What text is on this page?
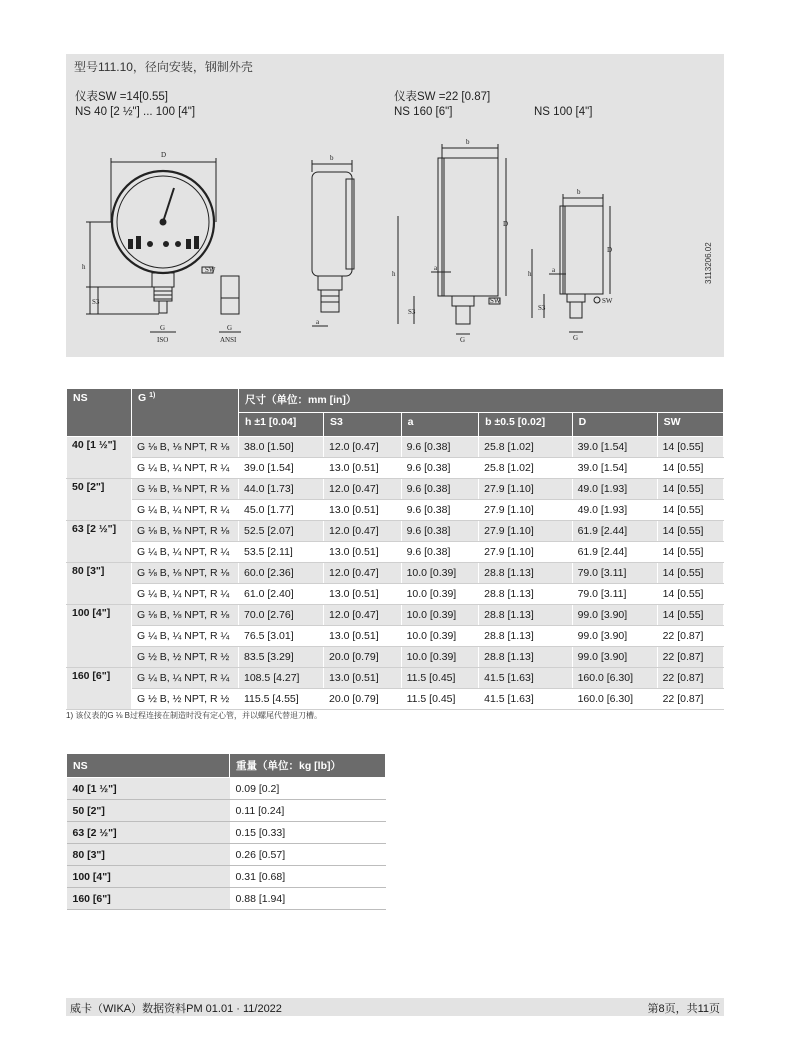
型号111.10，径向安装，钢制外壳
仪表SW =14[0.55]
NS 40 [2 ½"] ... 100 [4"]
仪表SW =22 [0.87]
NS 160 [6"]	NS 100 [4"]
D
h
S3
G
ISO
G
ANSI
SW
b
a
b
D
h
S3
a
G
SW
b
D
h
S3
a
G
SW
3113206.02
NS	G $^{1)}$	尺寸（单位：mm [in]）					
		h ±1 [0.04]	S3	a	b ±0.5 [0.02]	D	SW
40 [1 ½"]	G ⅛ B, ⅛ NPT, R ⅛	38.0 [1.50]	12.0 [0.47]	9.6 [0.38]	25.8 [1.02]	39.0 [1.54]	14 [0.55]
	G ¼ B, ¼ NPT, R ¼	39.0 [1.54]	13.0 [0.51]	9.6 [0.38]	25.8 [1.02]	39.0 [1.54]	14 [0.55]
50 [2"]	G ⅛ B, ⅛ NPT, R ⅛	44.0 [1.73]	12.0 [0.47]	9.6 [0.38]	27.9 [1.10]	49.0 [1.93]	14 [0.55]
	G ¼ B, ¼ NPT, R ¼	45.0 [1.77]	13.0 [0.51]	9.6 [0.38]	27.9 [1.10]	49.0 [1.93]	14 [0.55]
63 [2 ½"]	G ⅛ B, ⅛ NPT, R ⅛	52.5 [2.07]	12.0 [0.47]	9.6 [0.38]	27.9 [1.10]	61.9 [2.44]	14 [0.55]
	G ¼ B, ¼ NPT, R ¼	53.5 [2.11]	13.0 [0.51]	9.6 [0.38]	27.9 [1.10]	61.9 [2.44]	14 [0.55]
80 [3"]	G ⅛ B, ⅛ NPT, R ⅛	60.0 [2.36]	12.0 [0.47]	10.0 [0.39]	28.8 [1.13]	79.0 [3.11]	14 [0.55]
	G ¼ B, ¼ NPT, R ¼	61.0 [2.40]	13.0 [0.51]	10.0 [0.39]	28.8 [1.13]	79.0 [3.11]	14 [0.55]
100 [4"]	G ⅛ B, ⅛ NPT, R ⅛	70.0 [2.76]	12.0 [0.47]	10.0 [0.39]	28.8 [1.13]	99.0 [3.90]	14 [0.55]
	G ¼ B, ¼ NPT, R ¼	76.5 [3.01]	13.0 [0.51]	10.0 [0.39]	28.8 [1.13]	99.0 [3.90]	22 [0.87]
	G ½ B, ½ NPT, R ½	83.5 [3.29]	20.0 [0.79]	10.0 [0.39]	28.8 [1.13]	99.0 [3.90]	22 [0.87]
160 [6"]	G ¼ B, ¼ NPT, R ¼	108.5 [4.27]	13.0 [0.51]	11.5 [0.45]	41.5 [1.63]	160.0 [6.30]	22 [0.87]
	G ½ B, ½ NPT, R ½	115.5 [4.55]	20.0 [0.79]	11.5 [0.45]	41.5 [1.63]	160.0 [6.30]	22 [0.87]
1) 该仪表的G ⅛ B过程连接在制造时没有定心管，并以螺尾代替退刀槽。
NS	重量（单位：kg [lb]）
40 [1 ½"]	0.09 [0.2]
50 [2"]	0.11 [0.24]
63 [2 ½"]	0.15 [0.33]
80 [3"]	0.26 [0.57]
100 [4"]	0.31 [0.68]
160 [6"]	0.88 [1.94]
威卡（WIKA）数据资料PM 01.01 · 11/2022	第8页，共11页
